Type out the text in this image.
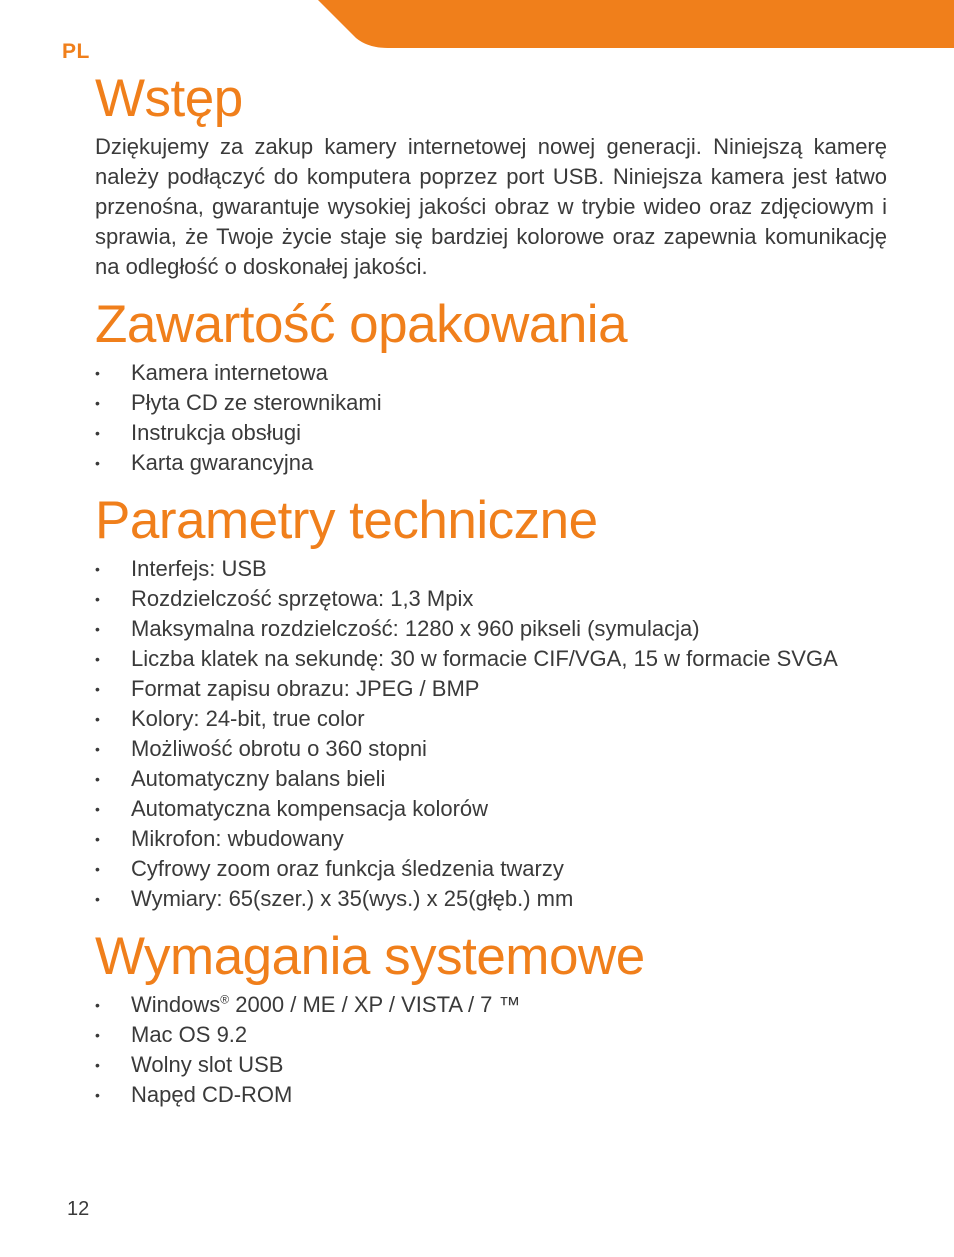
PL
Wstęp

Dziękujemy za zakup kamery internetowej nowej generacji. Niniejszą kamerę należy podłączyć do komputera poprzez port USB. Niniejsza kamera jest łatwo przenośna, gwarantuje wysokiej jakości obraz w trybie wideo oraz zdjęciowym i sprawia, że Twoje życie staje się bardziej kolorowe oraz zapewnia komunikację na odległość o doskonałej jakości.

Zawartość opakowania
• Kamera internetowa
• Płyta CD ze sterownikami
• Instrukcja obsługi
• Karta gwarancyjna
Parametry techniczne
• Interfejs: USB
• Rozdzielczość sprzętowa: 1,3 Mpix
• Maksymalna rozdzielczość: 1280 x 960 pikseli (symulacja)
• Liczba klatek na sekundę: 30 w formacie CIF/VGA, 15 w formacie SVGA
• Format zapisu obrazu: JPEG / BMP
• Kolory: 24-bit, true color
• Możliwość obrotu o 360 stopni
• Automatyczny balans bieli
• Automatyczna kompensacja kolorów
• Mikrofon: wbudowany
• Cyfrowy zoom oraz funkcja śledzenia twarzy
• Wymiary: 65(szer.) x 35(wys.) x 25(głęb.) mm
Wymagania systemowe
• Windows® 2000 / ME / XP / VISTA / 7 ™
• Mac OS 9.2
• Wolny slot USB
• Napęd CD-ROM
12
